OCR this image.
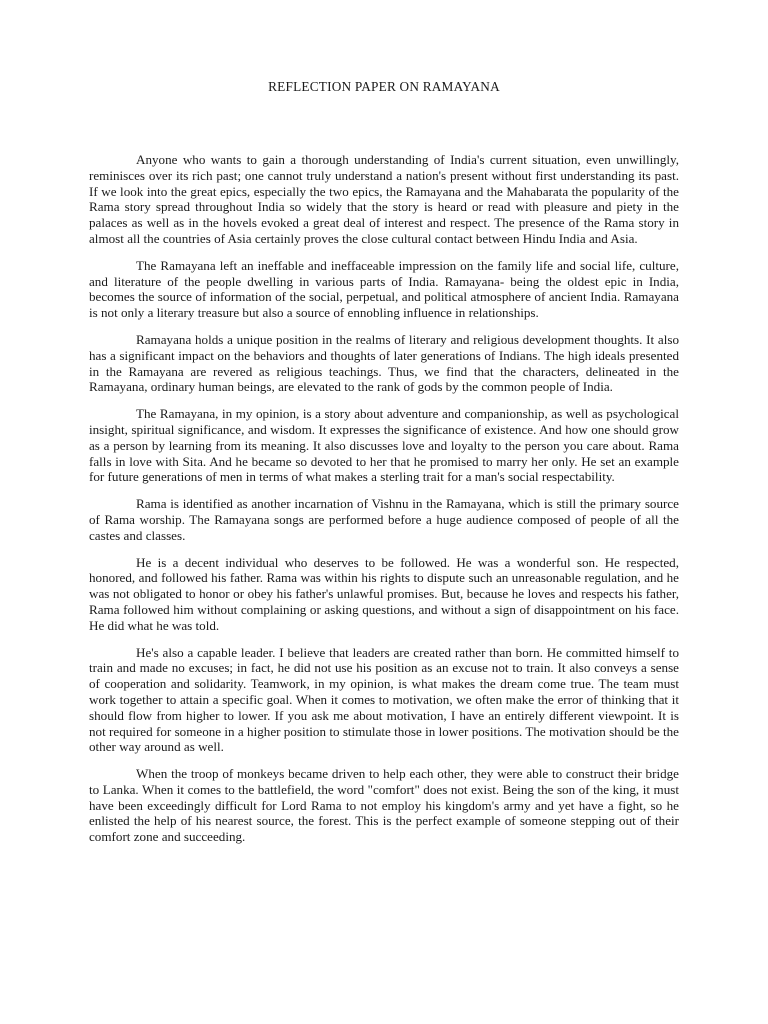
REFLECTION PAPER ON RAMAYANA

Anyone who wants to gain a thorough understanding of India's current situation, even unwillingly, reminisces over its rich past; one cannot truly understand a nation's present without first understanding its past. If we look into the great epics, especially the two epics, the Ramayana and the Mahabarata the popularity of the Rama story spread throughout India so widely that the story is heard or read with pleasure and piety in the palaces as well as in the hovels evoked a great deal of interest and respect. The presence of the Rama story in almost all the countries of Asia certainly proves the close cultural contact between Hindu India and Asia.

The Ramayana left an ineffable and ineffaceable impression on the family life and social life, culture, and literature of the people dwelling in various parts of India. Ramayana- being the oldest epic in India, becomes the source of information of the social, perpetual, and political atmosphere of ancient India. Ramayana is not only a literary treasure but also a source of ennobling influence in relationships.

Ramayana holds a unique position in the realms of literary and religious development thoughts. It also has a significant impact on the behaviors and thoughts of later generations of Indians. The high ideals presented in the Ramayana are revered as religious teachings. Thus, we find that the characters, delineated in the Ramayana, ordinary human beings, are elevated to the rank of gods by the common people of India.

The Ramayana, in my opinion, is a story about adventure and companionship, as well as psychological insight, spiritual significance, and wisdom. It expresses the significance of existence. And how one should grow as a person by learning from its meaning. It also discusses love and loyalty to the person you care about. Rama falls in love with Sita. And he became so devoted to her that he promised to marry her only. He set an example for future generations of men in terms of what makes a sterling trait for a man's social respectability.

Rama is identified as another incarnation of Vishnu in the Ramayana, which is still the primary source of Rama worship. The Ramayana songs are performed before a huge audience composed of people of all the castes and classes.

He is a decent individual who deserves to be followed. He was a wonderful son. He respected, honored, and followed his father. Rama was within his rights to dispute such an unreasonable regulation, and he was not obligated to honor or obey his father's unlawful promises. But, because he loves and respects his father, Rama followed him without complaining or asking questions, and without a sign of disappointment on his face. He did what he was told.

He's also a capable leader. I believe that leaders are created rather than born. He committed himself to train and made no excuses; in fact, he did not use his position as an excuse not to train. It also conveys a sense of cooperation and solidarity. Teamwork, in my opinion, is what makes the dream come true. The team must work together to attain a specific goal. When it comes to motivation, we often make the error of thinking that it should flow from higher to lower. If you ask me about motivation, I have an entirely different viewpoint. It is not required for someone in a higher position to stimulate those in lower positions. The motivation should be the other way around as well.

When the troop of monkeys became driven to help each other, they were able to construct their bridge to Lanka. When it comes to the battlefield, the word "comfort" does not exist. Being the son of the king, it must have been exceedingly difficult for Lord Rama to not employ his kingdom's army and yet have a fight, so he enlisted the help of his nearest source, the forest. This is the perfect example of someone stepping out of their comfort zone and succeeding.
